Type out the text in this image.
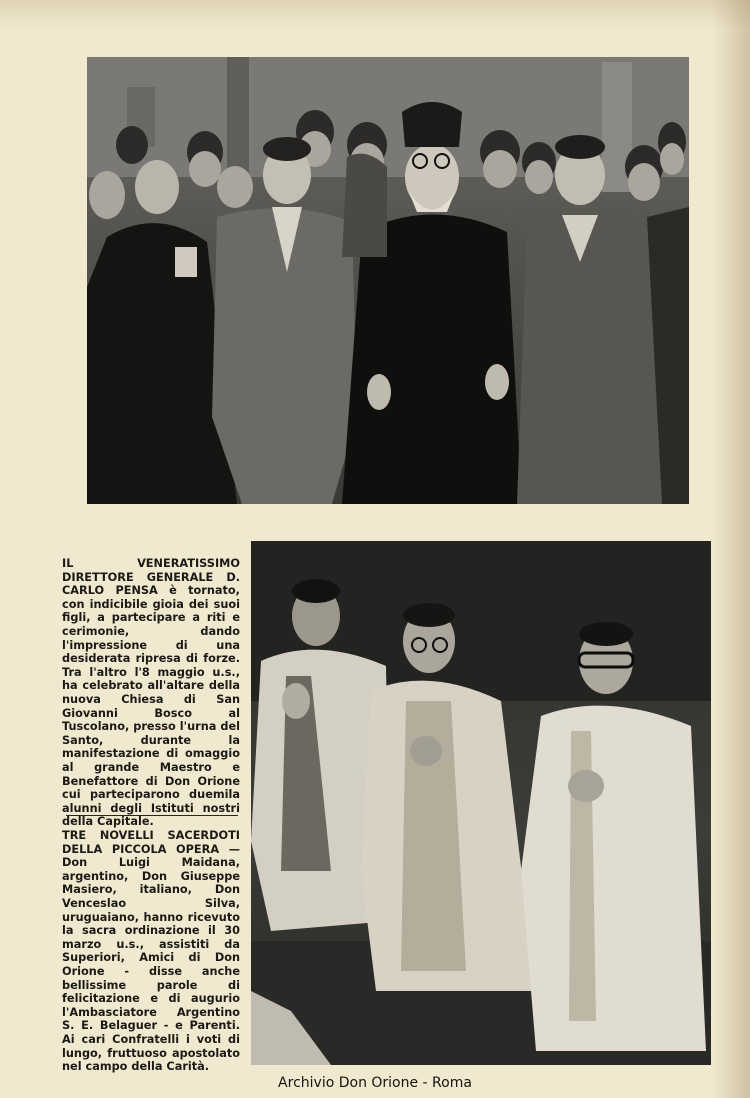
IL VENERATISSIMO DIRETTORE GENERALE D. CARLO PENSA è tornato, con indicibile gioia dei suoi figli, a partecipare a riti e cerimonie, dando l'impressione di una desiderata ripresa di forze. Tra l'altro l'8 maggio u.s., ha celebrato all'altare della nuova Chiesa di San Giovanni Bosco al Tuscolano, presso l'urna del Santo, durante la manifestazione di omaggio al grande Maestro e Benefattore di Don Orione cui parteciparono duemila alunni degli Istituti nostri della Capitale.
TRE NOVELLI SACERDOTI DELLA PICCOLA OPERA — Don Luigi Maidana, argentino, Don Giuseppe Masiero, italiano, Don Venceslao Silva, uruguaiano, hanno ricevuto la sacra ordinazione il 30 marzo u.s., assistiti da Superiori, Amici di Don Orione - disse anche bellissime parole di felicitazione e di augurio l'Ambasciatore Argentino S. E. Belaguer - e Parenti. Ai cari Confratelli i voti di lungo, fruttuoso apostolato nel campo della Carità.
Archivio Don Orione - Roma
